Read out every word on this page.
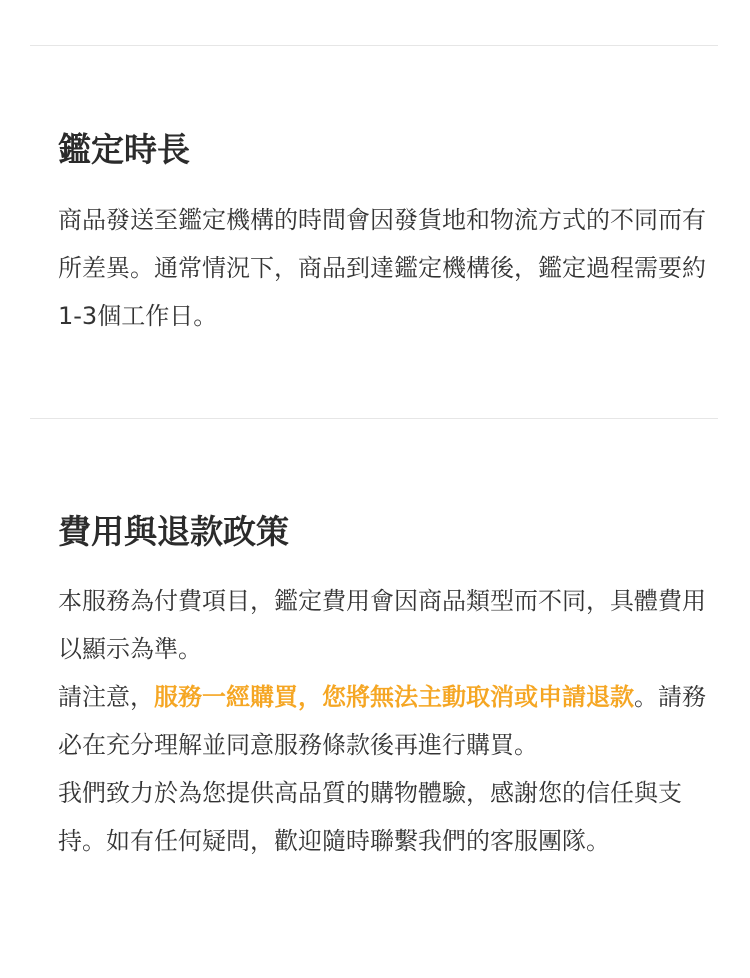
鑑定時長

商品發送至鑑定機構的時間會因發貨地和物流方式的不同而有所差異。通常情況下，商品到達鑑定機構後，鑑定過程需要約1-3個工作日。

費用與退款政策

本服務為付費項目，鑑定費用會因商品類型而不同，具體費用以顯示為準。

請注意，服務一經購買，您將無法主動取消或申請退款。請務必在充分理解並同意服務條款後再進行購買。

我們致力於為您提供高品質的購物體驗，感謝您的信任與支持。如有任何疑問，歡迎隨時聯繫我們的客服團隊。
